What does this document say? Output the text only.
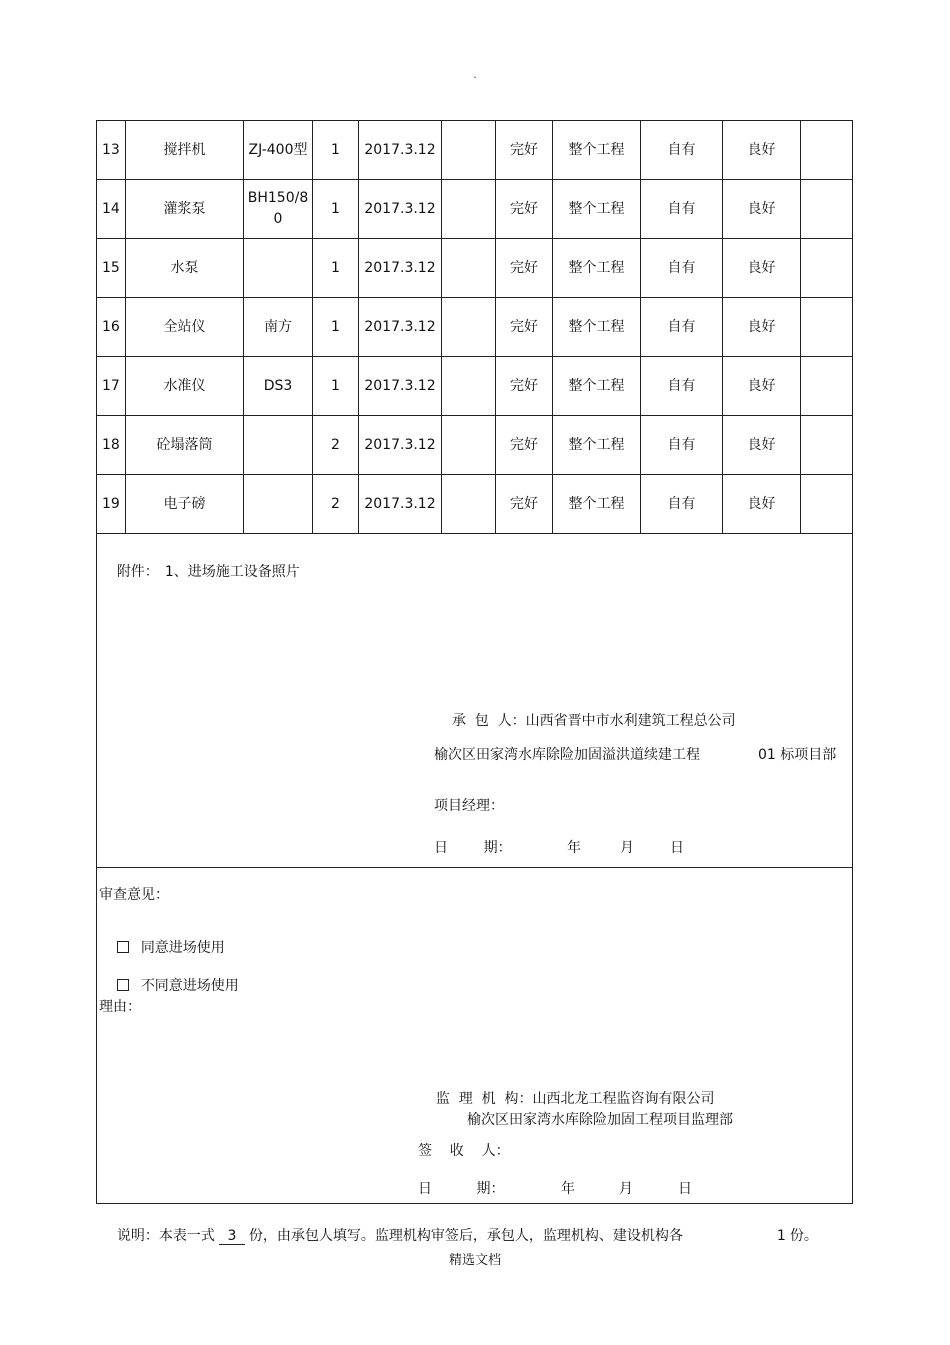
.
13	搅拌机	ZJ-400型	1	2017.3.12		完好	整个工程	自有	良好	
14	灌浆泵	BH150/80	1	2017.3.12		完好	整个工程	自有	良好	
15	水泵		1	2017.3.12		完好	整个工程	自有	良好	
16	全站仪	南方	1	2017.3.12		完好	整个工程	自有	良好	
17	水准仪	DS3	1	2017.3.12		完好	整个工程	自有	良好	
18	砼塌落筒		2	2017.3.12		完好	整个工程	自有	良好	
19	电子磅		2	2017.3.12		完好	整个工程	自有	良好	

附件： 1、进场施工设备照片

承  包  人：山西省晋中市水利建筑工程总公司

榆次区田家湾水库除险加固溢洪道续建工程	01 标项目部
项目经理：
日        期：	年	月	日
审查意见：

同意进场使用

不同意进场使用

理由：

监  理  机  构：山西北龙工程监咨询有限公司

榆次区田家湾水库除险加固工程项目监理部
签    收    人：
日          期：	年	月	日

说明：本表一式 3 份，由承包人填写。监理机构审签后，承包人，监理机构、建设机构各	1 份。

精选文档
